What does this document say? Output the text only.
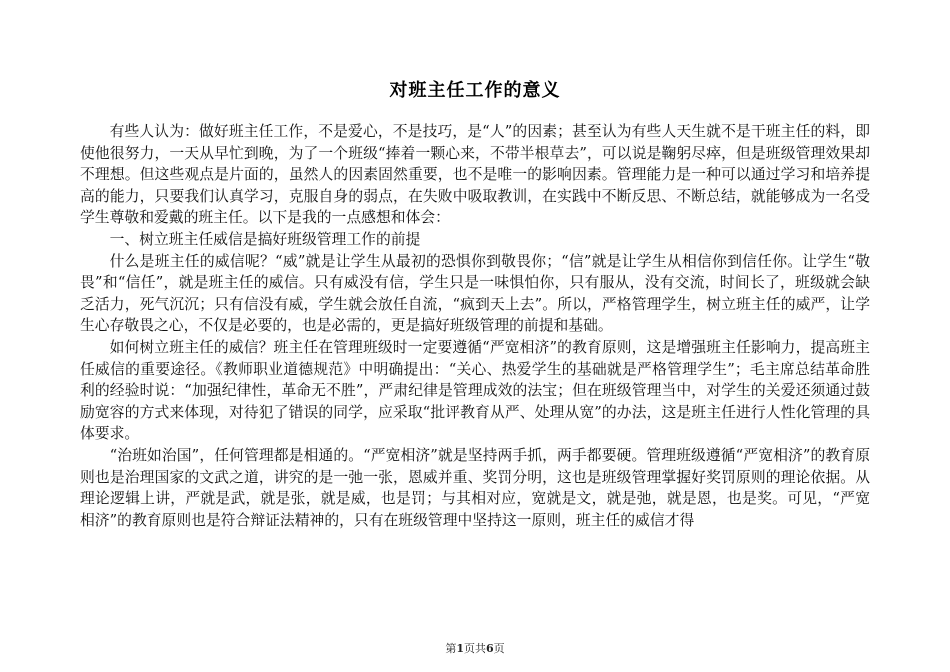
对班主任工作的意义

有些人认为：做好班主任工作，不是爱心，不是技巧，是“人”的因素；甚至认为有些人天生就不是干班主任的料，即使他很努力，一天从早忙到晚，为了一个班级“捧着一颗心来，不带半根草去”，可以说是鞠躬尽瘁，但是班级管理效果却不理想。但这些观点是片面的，虽然人的因素固然重要，也不是唯一的影响因素。管理能力是一种可以通过学习和培养提高的能力，只要我们认真学习，克服自身的弱点，在失败中吸取教训，在实践中不断反思、不断总结，就能够成为一名受学生尊敬和爱戴的班主任。以下是我的一点感想和体会：

一、树立班主任威信是搞好班级管理工作的前提

什么是班主任的威信呢？“威”就是让学生从最初的恐惧你到敬畏你；“信”就是让学生从相信你到信任你。让学生“敬畏”和“信任”，就是班主任的威信。只有威没有信，学生只是一味惧怕你，只有服从，没有交流，时间长了，班级就会缺乏活力，死气沉沉；只有信没有威，学生就会放任自流，“疯到天上去”。所以，严格管理学生，树立班主任的威严，让学生心存敬畏之心，不仅是必要的，也是必需的，更是搞好班级管理的前提和基础。

如何树立班主任的威信？班主任在管理班级时一定要遵循“严宽相济”的教育原则，这是增强班主任影响力，提高班主任威信的重要途径。《教师职业道德规范》中明确提出：“关心、热爱学生的基础就是严格管理学生”；毛主席总结革命胜利的经验时说：“加强纪律性，革命无不胜”，严肃纪律是管理成效的法宝；但在班级管理当中，对学生的关爱还须通过鼓励宽容的方式来体现，对待犯了错误的同学，应采取“批评教育从严、处理从宽”的办法，这是班主任进行人性化管理的具体要求。

“治班如治国”，任何管理都是相通的。“严宽相济”就是坚持两手抓，两手都要硬。管理班级遵循“严宽相济”的教育原则也是治理国家的文武之道，讲究的是一弛一张，恩威并重、奖罚分明，这也是班级管理掌握好奖罚原则的理论依据。从理论逻辑上讲，严就是武，就是张，就是威，也是罚；与其相对应，宽就是文，就是弛，就是恩，也是奖。可见，“严宽相济”的教育原则也是符合辩证法精神的，只有在班级管理中坚持这一原则，班主任的威信才得

第1页共6页
